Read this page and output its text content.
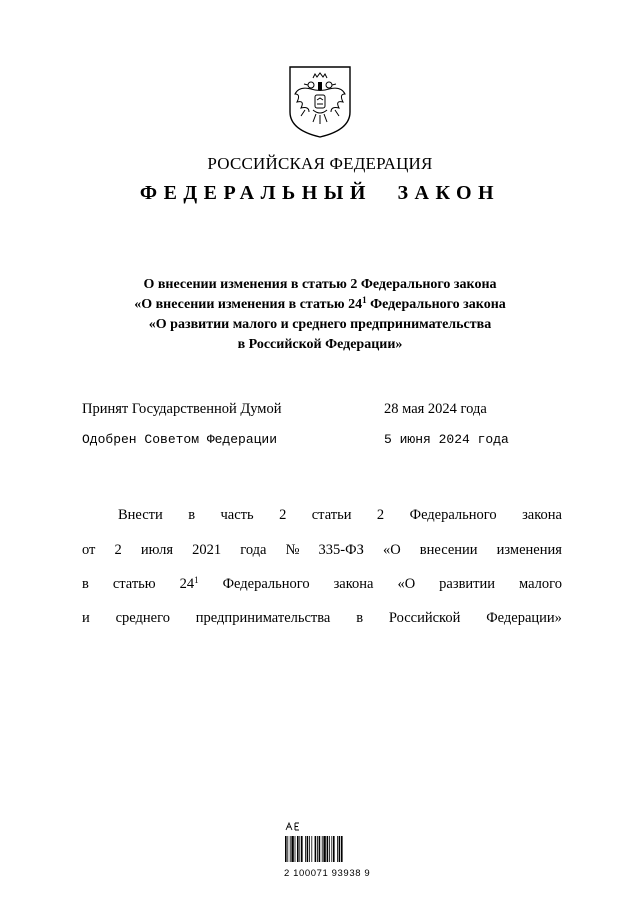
РОССИЙСКАЯ ФЕДЕРАЦИЯ
ФЕДЕРАЛЬНЫЙ ЗАКОН
О внесении изменения в статью 2 Федерального закона
«О внесении изменения в статью $24^1$ Федерального закона
«О развитии малого и среднего предпринимательства
в Российской Федерации»
Принят Государственной Думой	28 мая 2024 года
Одобрен Советом Федерации	5 июня 2024 года
Внести в часть 2 статьи 2 Федерального закона
от 2 июля 2021 года № 335-ФЗ «О внесении изменения
в статью $24^1$ Федерального закона «О развитии малого
и среднего предпринимательства в Российской Федерации»
АЕ

2 100071 93938 9
